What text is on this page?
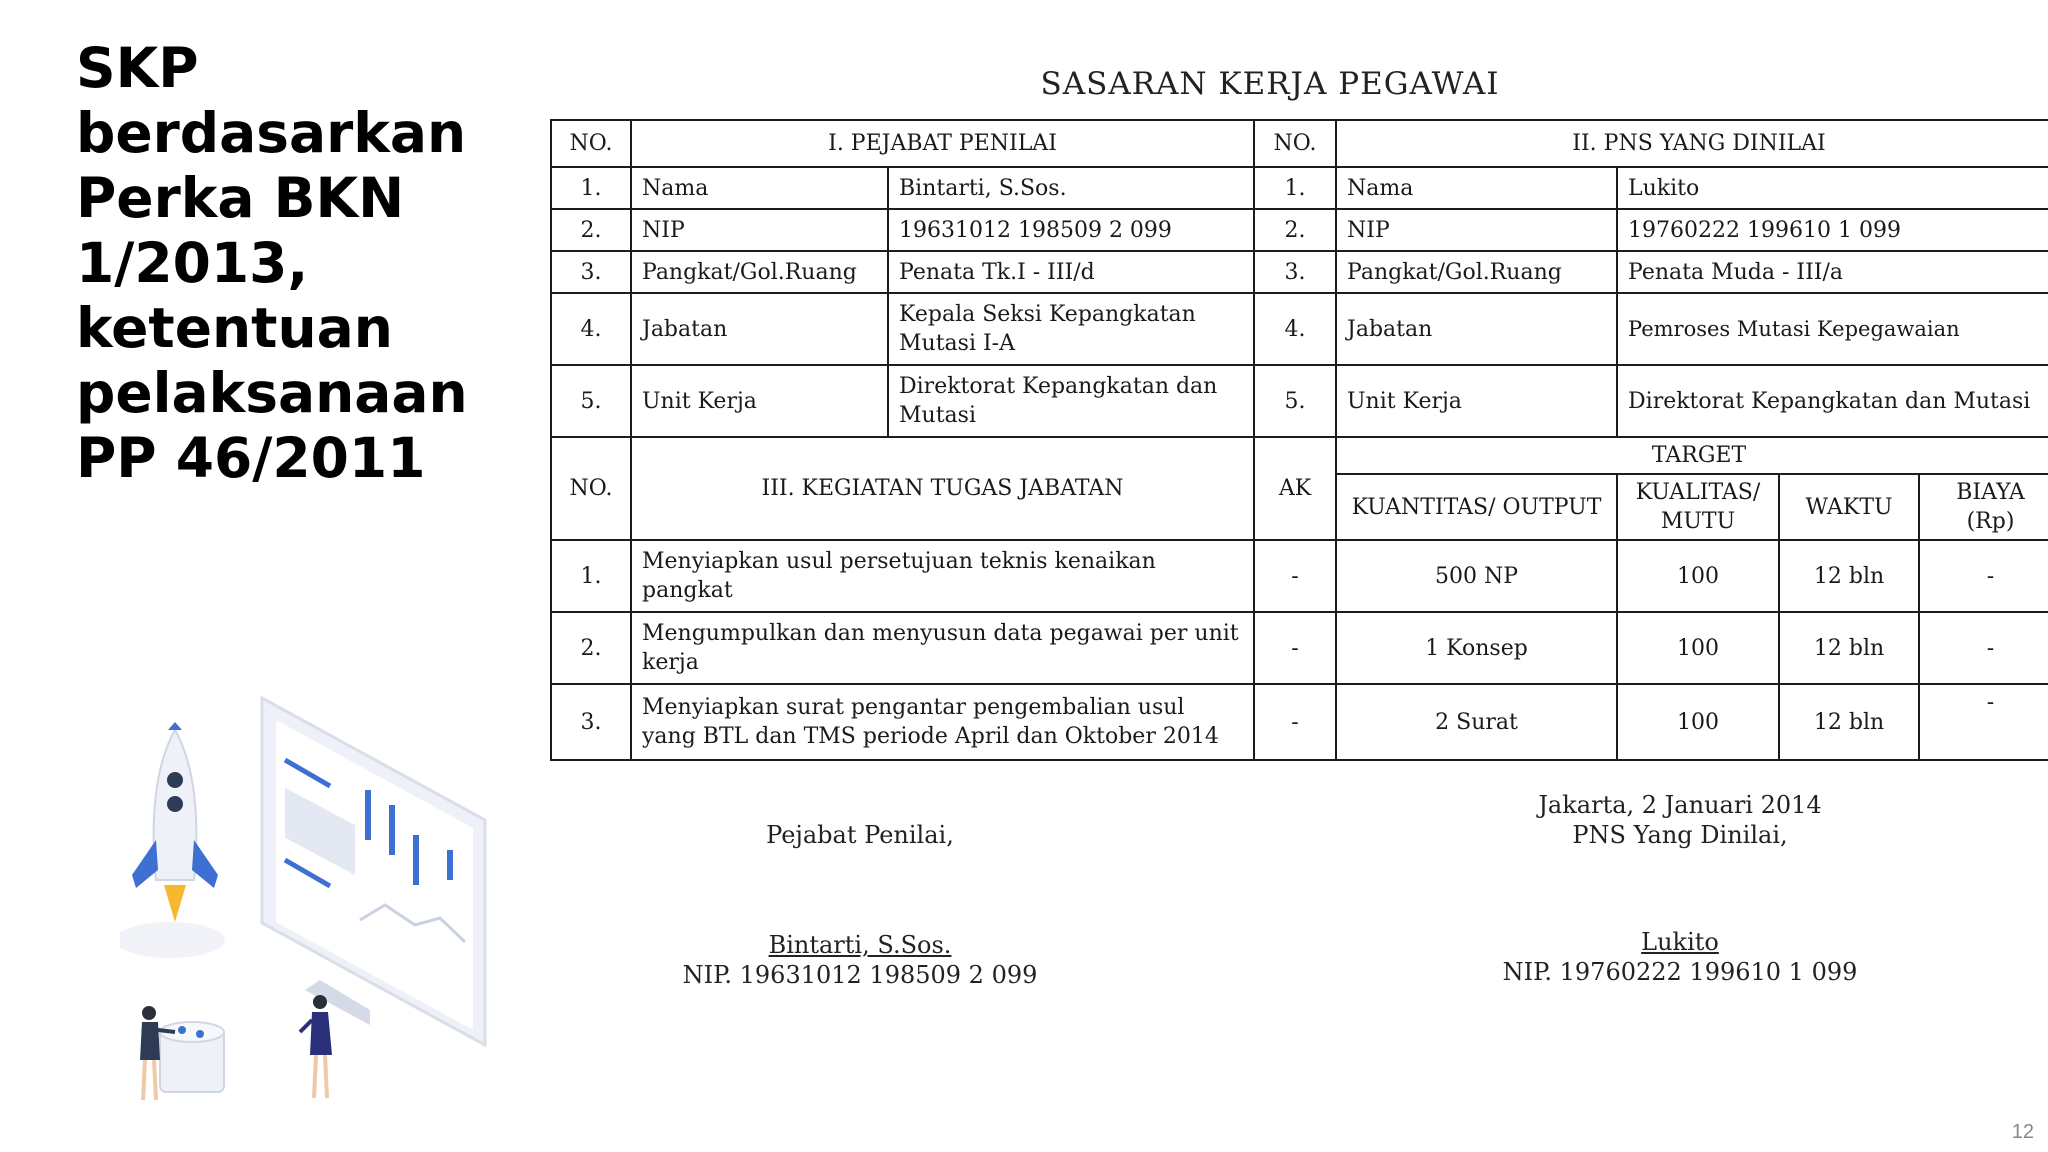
SKP
berdasarkan
Perka BKN
1/2013,
ketentuan
pelaksanaan
PP 46/2011
SASARAN KERJA PEGAWAI
NO.	I. PEJABAT PENILAI		NO.	II. PNS YANG DINILAI			
1.	Nama	Bintarti, S.Sos.	1.	Nama	Lukito		
2.	NIP	19631012 198509 2 099	2.	NIP	19760222 199610 1 099		
3.	Pangkat/Gol.Ruang	Penata Tk.I - III/d	3.	Pangkat/Gol.Ruang	Penata Muda - III/a		
4.	Jabatan	Kepala Seksi Kepangkatan Mutasi I-A	4.	Jabatan	Pemroses Mutasi Kepegawaian		
5.	Unit Kerja	Direktorat Kepangkatan dan Mutasi	5.	Unit Kerja	Direktorat Kepangkatan dan Mutasi		
NO.	III. KEGIATAN TUGAS JABATAN		AK	TARGET			
				KUANTITAS/ OUTPUT	KUALITAS/ MUTU	WAKTU	BIAYA (Rp)
1.	Menyiapkan usul persetujuan teknis kenaikan pangkat		-	500 NP	100	12 bln	-
2.	Mengumpulkan dan menyusun data pegawai per unit kerja		-	1 Konsep	100	12 bln	-
3.	Menyiapkan surat pengantar pengembalian usul yang BTL dan TMS periode April dan Oktober 2014		-	2 Surat	100	12 bln	-
Pejabat Penilai,
Bintarti, S.Sos.
NIP. 19631012 198509 2 099
Jakarta, 2 Januari 2014
PNS Yang Dinilai,
Lukito
NIP. 19760222 199610 1 099
12
